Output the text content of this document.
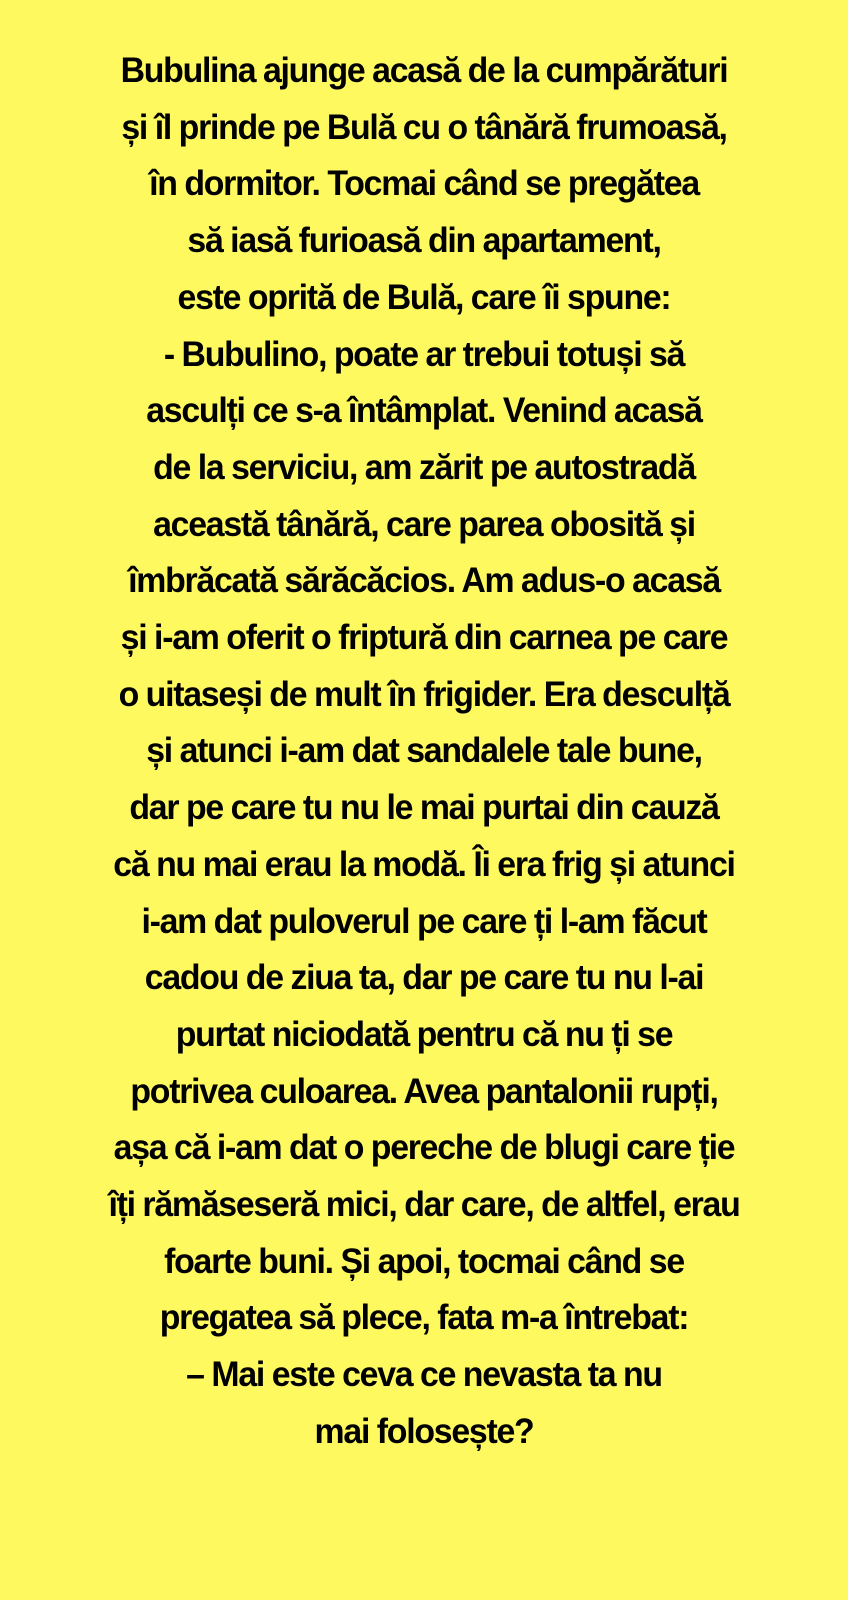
Bubulina ajunge acasă de la cumpărături
și îl prinde pe Bulă cu o tânără frumoasă,
în dormitor. Tocmai când se pregătea
să iasă furioasă din apartament,
este oprită de Bulă, care îi spune:
- Bubulino, poate ar trebui totuși să
asculți ce s-a întâmplat. Venind acasă
de la serviciu, am zărit pe autostradă
această tânără, care parea obosită și
îmbrăcată sărăcăcios. Am adus-o acasă
și i-am oferit o friptură din carnea pe care
o uitaseși de mult în frigider. Era desculță
și atunci i-am dat sandalele tale bune,
dar pe care tu nu le mai purtai din cauză
că nu mai erau la modă. Îi era frig și atunci
i-am dat puloverul pe care ți l-am făcut
cadou de ziua ta, dar pe care tu nu l-ai
purtat niciodată pentru că nu ți se
potrivea culoarea. Avea pantalonii rupți,
așa că i-am dat o pereche de blugi care ție
îți rămăseseră mici, dar care, de altfel, erau
foarte buni. Și apoi, tocmai când se
pregatea să plece, fata m-a întrebat:
– Mai este ceva ce nevasta ta nu
mai folosește?
